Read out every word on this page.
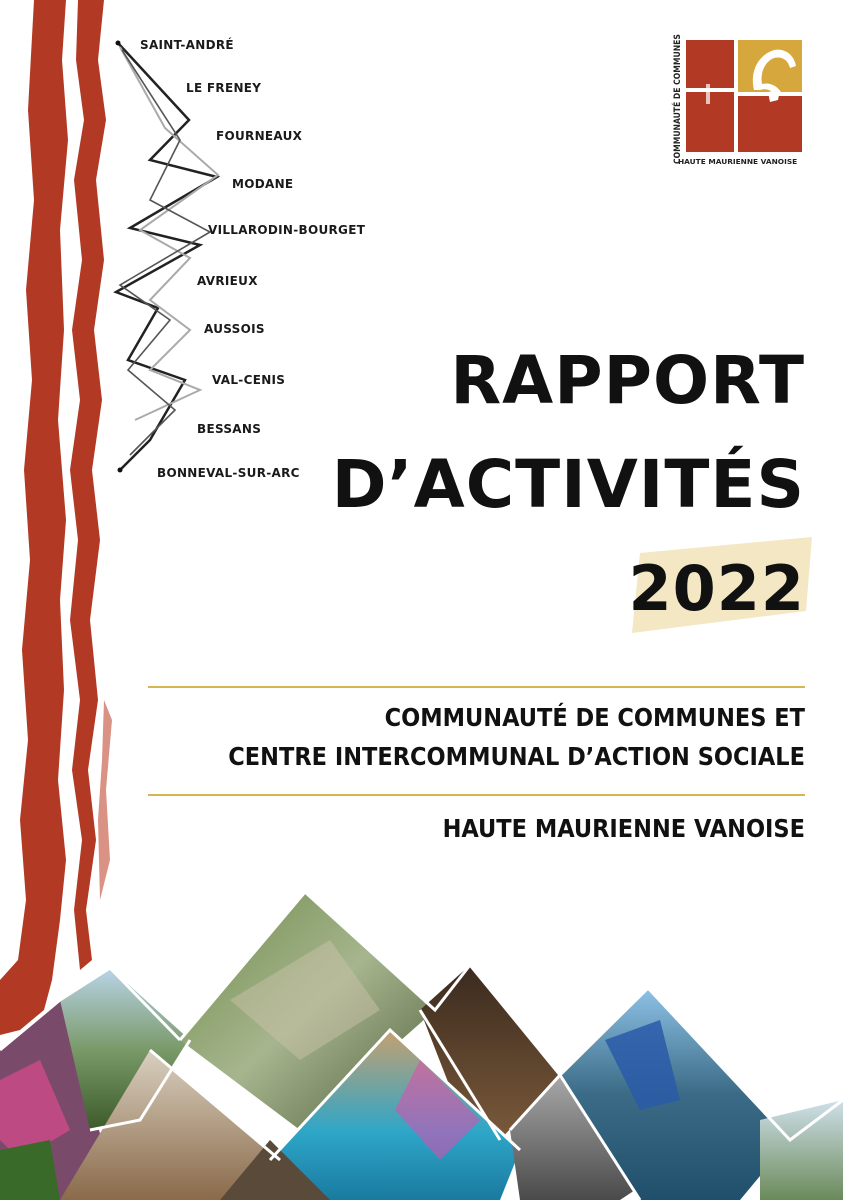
SAINT-ANDRÉ
LE FRENEY
FOURNEAUX
MODANE
VILLARODIN-BOURGET
AVRIEUX
AUSSOIS
VAL-CENIS
BESSANS
BONNEVAL-SUR-ARC
COMMUNAUTÉ DE COMMUNES
HAUTE MAURIENNE VANOISE
RAPPORT
D’ACTIVITÉS
2022
COMMUNAUTÉ DE COMMUNES ET
CENTRE INTERCOMMUNAL D’ACTION SOCIALE
HAUTE MAURIENNE VANOISE
